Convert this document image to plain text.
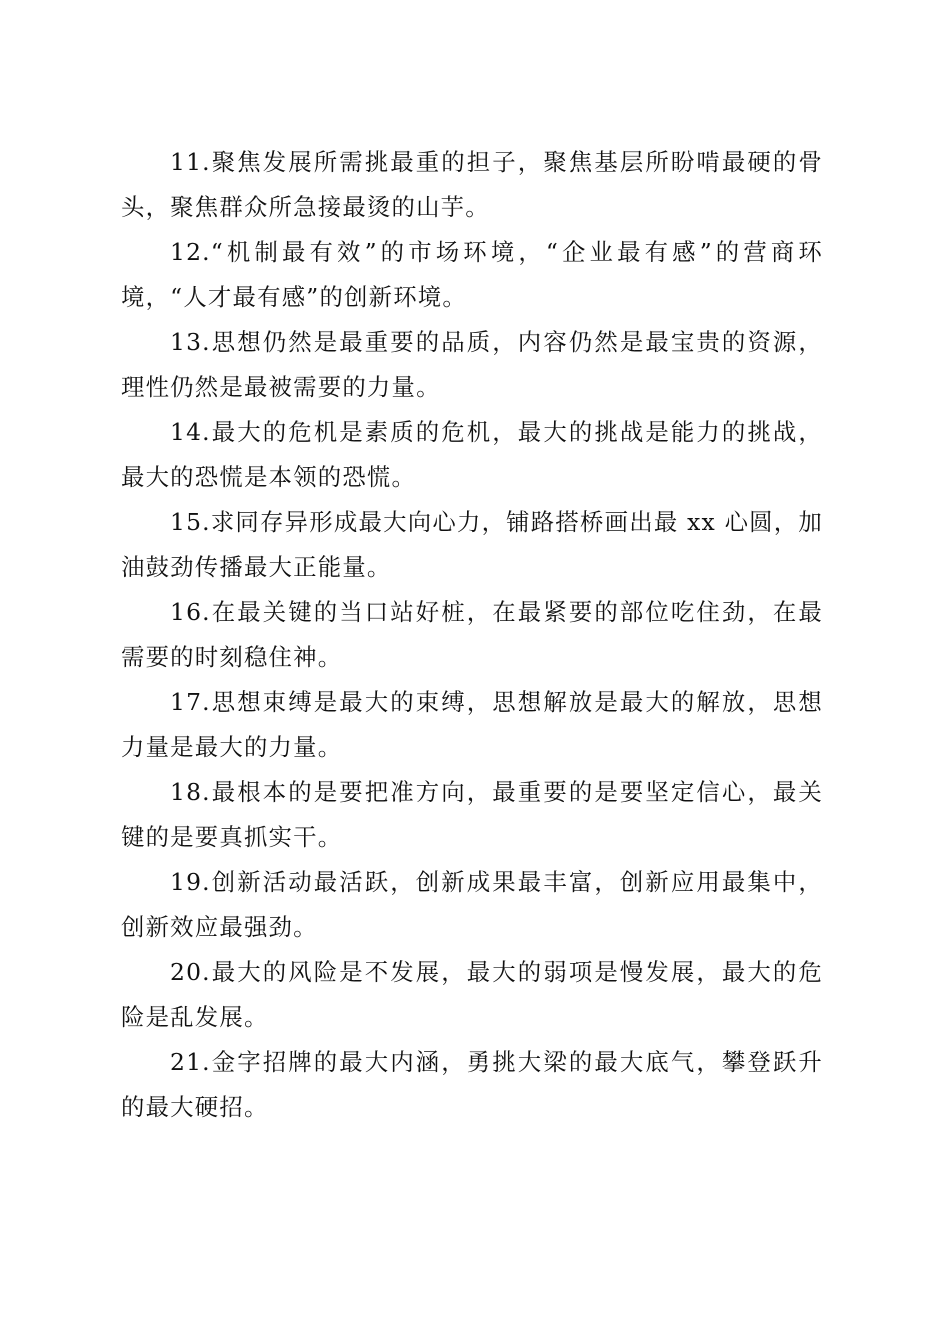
11.聚焦发展所需挑最重的担子，聚焦基层所盼啃最硬的骨头，聚焦群众所急接最烫的山芋。

12.“机制最有效”的市场环境，“企业最有感”的营商环境，“人才最有感”的创新环境。

13.思想仍然是最重要的品质，内容仍然是最宝贵的资源，理性仍然是最被需要的力量。

14.最大的危机是素质的危机，最大的挑战是能力的挑战，最大的恐慌是本领的恐慌。

15.求同存异形成最大向心力，铺路搭桥画出最 xx 心圆，加油鼓劲传播最大正能量。

16.在最关键的当口站好桩，在最紧要的部位吃住劲，在最需要的时刻稳住神。

17.思想束缚是最大的束缚，思想解放是最大的解放，思想力量是最大的力量。

18.最根本的是要把准方向，最重要的是要坚定信心，最关键的是要真抓实干。

19.创新活动最活跃，创新成果最丰富，创新应用最集中，创新效应最强劲。

20.最大的风险是不发展，最大的弱项是慢发展，最大的危险是乱发展。

21.金字招牌的最大内涵，勇挑大梁的最大底气，攀登跃升的最大硬招。
